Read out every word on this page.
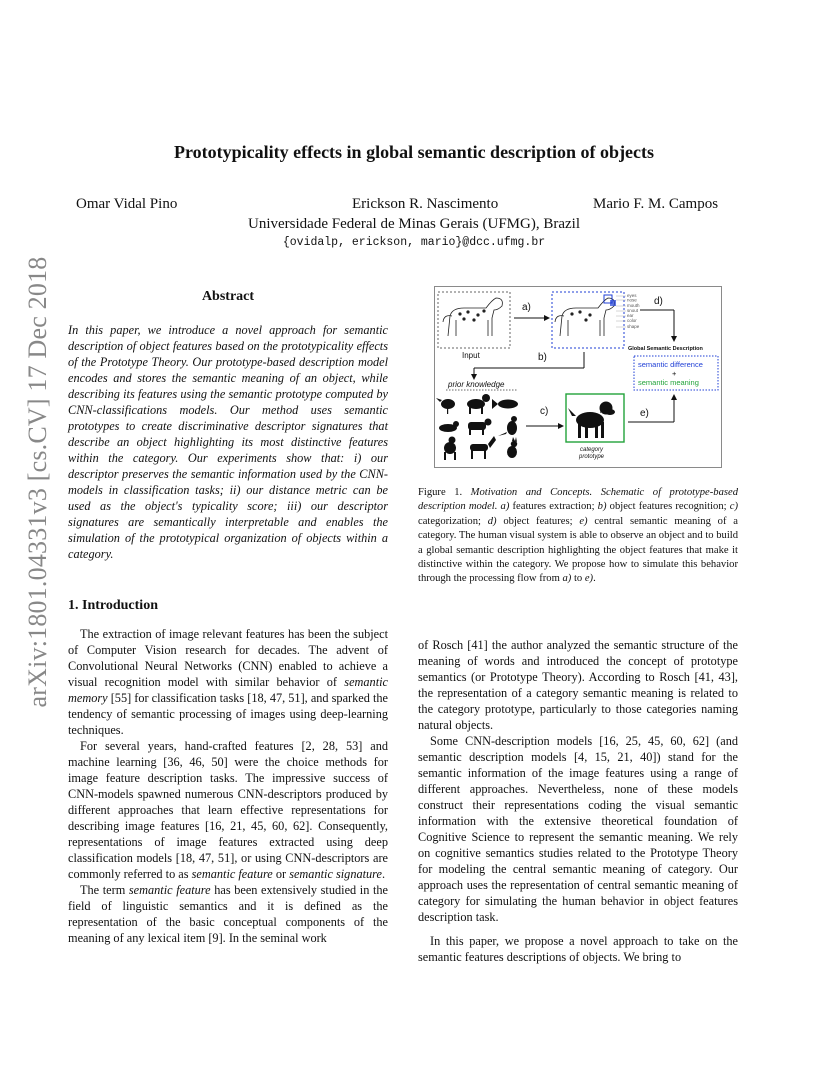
arXiv:1801.04331v3 [cs.CV] 17 Dec 2018
Prototypicality effects in global semantic description of objects
Omar Vidal Pino	Erickson R. Nascimento	Mario F. M. Campos
Universidade Federal de Minas Gerais (UFMG), Brazil
{ovidalp, erickson, mario}@dcc.ufmg.br
Abstract

In this paper, we introduce a novel approach for semantic description of object features based on the prototypicality effects of the Prototype Theory. Our prototype-based description model encodes and stores the semantic meaning of an object, while describing its features using the semantic prototype computed by CNN-classifications models. Our method uses semantic prototypes to create discriminative descriptor signatures that describe an object highlighting its most distinctive features within the category. Our experiments show that: i) our descriptor preserves the semantic information used by the CNN-models in classification tasks; ii) our distance metric can be used as the object's typicality score; iii) our descriptor signatures are semantically interpretable and enables the simulation of the prototypical organization of objects within a category.

1. Introduction

The extraction of image relevant features has been the subject of Computer Vision research for decades. The advent of Convolutional Neural Networks (CNN) enabled to achieve a visual recognition model with similar behavior of semantic memory [55] for classification tasks [18, 47, 51], and sparked the tendency of semantic processing of images using deep-learning techniques.

For several years, hand-crafted features [2, 28, 53] and machine learning [36, 46, 50] were the choice methods for image feature description tasks. The impressive success of CNN-models spawned numerous CNN-descriptors produced by different approaches that learn effective representations for describing image features [16, 21, 45, 60, 62]. Consequently, representations of image features extracted using deep classification models [18, 47, 51], or using CNN-descriptors are commonly referred to as semantic feature or semantic signature.

The term semantic feature has been extensively studied in the field of linguistic semantics and it is defined as the representation of the basic conceptual components of the meaning of any lexical item [9]. In the seminal work

Input
a)
eyes
nose
mouth
snout
ear
color
shape
d)
Global Semantic Description
semantic difference
+
semantic meaning
b)
prior knowledge
c)
category
prototype
e)
Figure 1. Motivation and Concepts. Schematic of prototype-based description model. a) features extraction; b) object features recognition; c) categorization; d) object features; e) central semantic meaning of a category. The human visual system is able to observe an object and to build a global semantic description highlighting the object features that make it distinctive within the category. We propose how to simulate this behavior through the processing flow from a) to e).

of Rosch [41] the author analyzed the semantic structure of the meaning of words and introduced the concept of prototype semantics (or Prototype Theory). According to Rosch [41, 43], the representation of a category semantic meaning is related to the category prototype, particularly to those categories naming natural objects.

Some CNN-description models [16, 25, 45, 60, 62] (and semantic description models [4, 15, 21, 40]) stand for the semantic information of the image features using a range of different approaches. Nevertheless, none of these models construct their representations coding the visual semantic information with the extensive theoretical foundation of Cognitive Science to represent the semantic meaning. We rely on cognitive semantics studies related to the Prototype Theory for modeling the central semantic meaning of category. Our approach uses the representation of central semantic meaning of category for simulating the human behavior in object features description task.

In this paper, we propose a novel approach to take on the semantic features descriptions of objects. We bring to
